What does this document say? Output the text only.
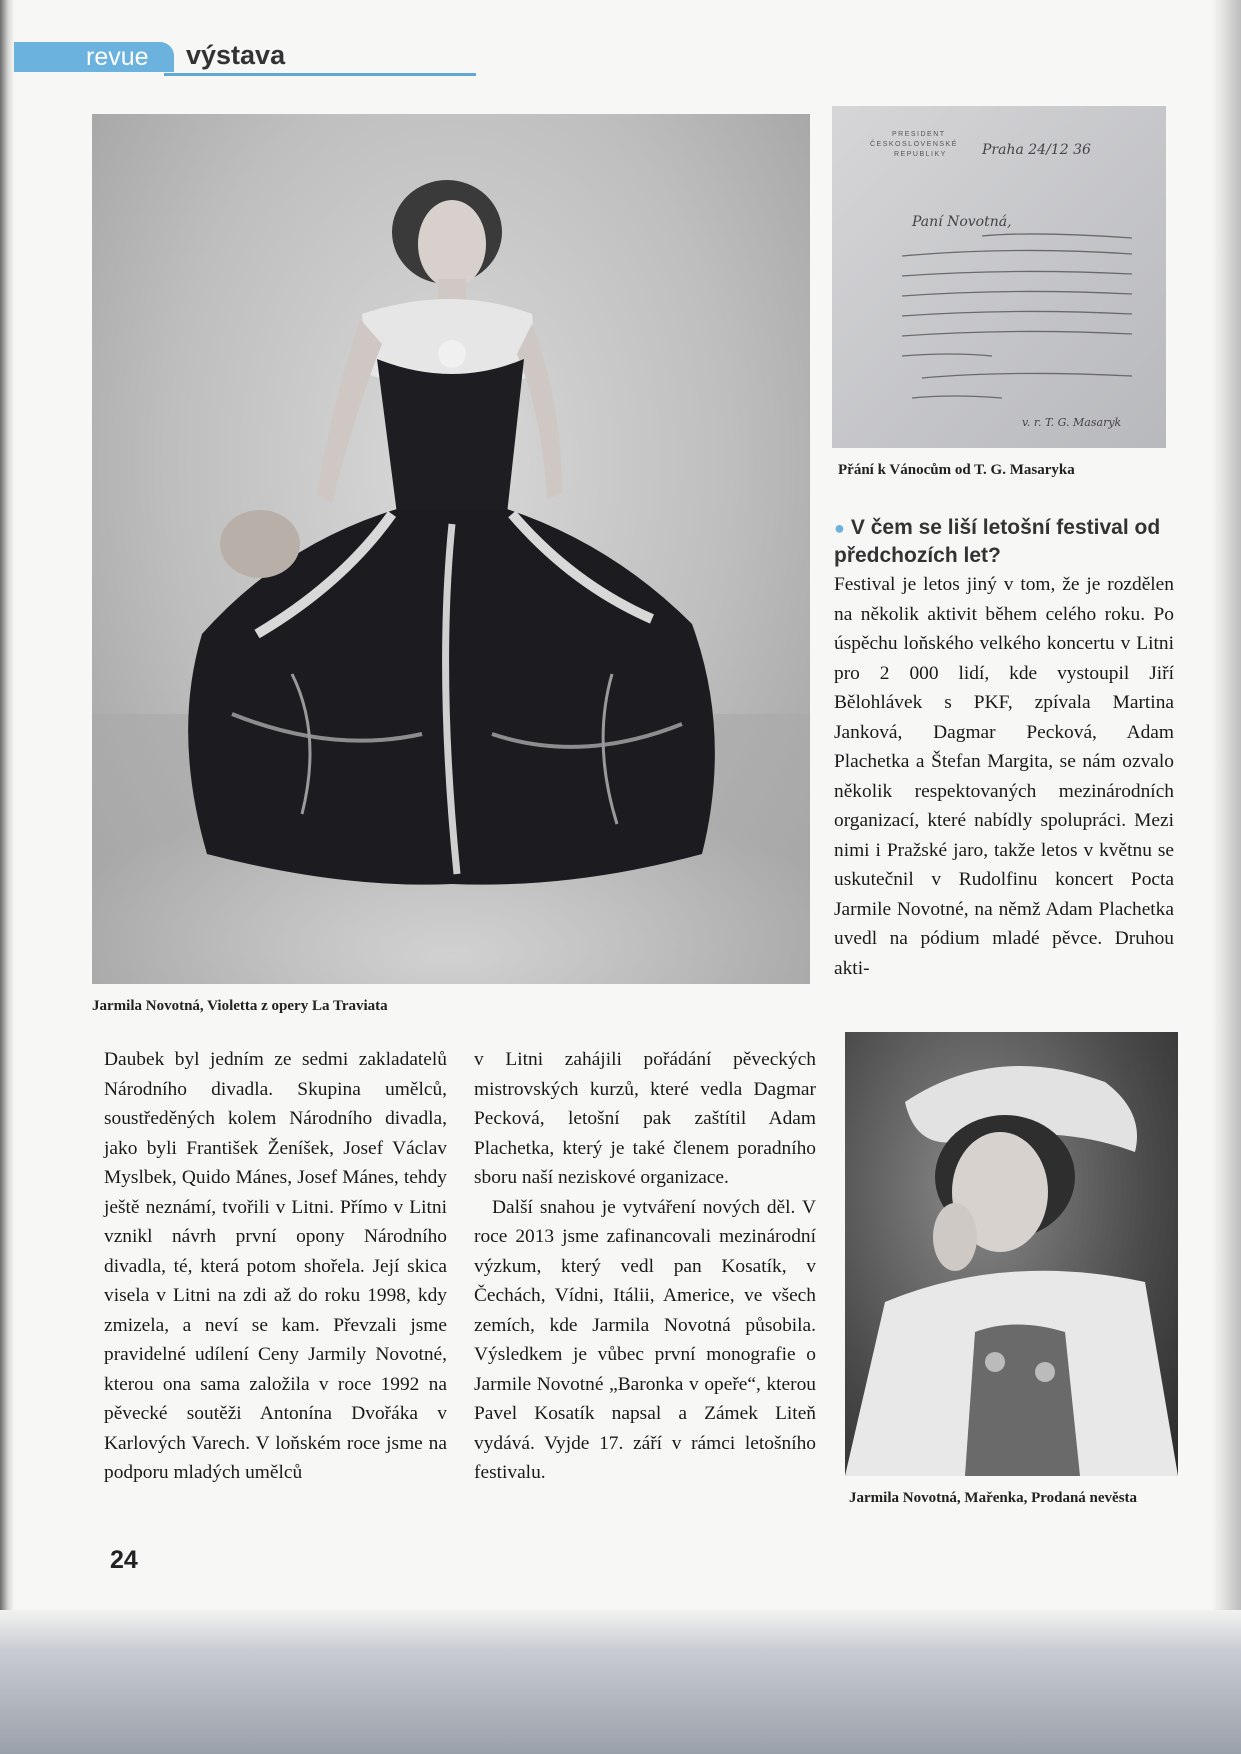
revue	výstava
Jarmila Novotná, Violetta z opery La Traviata
PRESIDENT
ČESKOSLOVENSKÉ
REPUBLIKY	Praha 24/12 36
Paní Novotná,
v. r. T. G. Masaryk
Přání k Vánocům od T. G. Masaryka
● V čem se liší letošní festival od předchozích let?

Festival je letos jiný v tom, že je rozdělen na několik aktivit během celého roku. Po úspěchu loňského velkého koncertu v Litni pro 2 000 lidí, kde vystoupil Jiří Bělohlávek s PKF, zpívala Martina Janková, Dagmar Pecková, Adam Plachetka a Štefan Margita, se nám ozvalo několik respektovaných mezinárodních organizací, které nabídly spolupráci. Mezi nimi i Pražské jaro, takže letos v květnu se uskutečnil v Rudolfinu koncert Pocta Jarmile Novotné, na němž Adam Plachetka uvedl na pódium mladé pěvce. Druhou akti-

Jarmila Novotná, Mařenka, Prodaná nevěsta

Daubek byl jedním ze sedmi zakladatelů Národního divadla. Skupina umělců, soustředěných kolem Národního divadla, jako byli František Ženíšek, Josef Václav Myslbek, Quido Mánes, Josef Mánes, tehdy ještě neznámí, tvořili v Litni. Přímo v Litni vznikl návrh první opony Národního divadla, té, která potom shořela. Její skica visela v Litni na zdi až do roku 1998, kdy zmizela, a neví se kam. Převzali jsme pravidelné udílení Ceny Jarmily Novotné, kterou ona sama založila v roce 1992 na pěvecké soutěži Antonína Dvořáka v Karlových Varech. V loňském roce jsme na podporu mladých umělců

v Litni zahájili pořádání pěveckých mistrovských kurzů, které vedla Dagmar Pecková, letošní pak zaštítil Adam Plachetka, který je také členem poradního sboru naší neziskové organizace.

Další snahou je vytváření nových děl. V roce 2013 jsme zafinancovali mezinárodní výzkum, který vedl pan Kosatík, v Čechách, Vídni, Itálii, Americe, ve všech zemích, kde Jarmila Novotná působila. Výsledkem je vůbec první monografie o Jarmile Novotné „Baronka v opeře“, kterou Pavel Kosatík napsal a Zámek Liteň vydává. Vyjde 17. září v rámci letošního festivalu.

24
